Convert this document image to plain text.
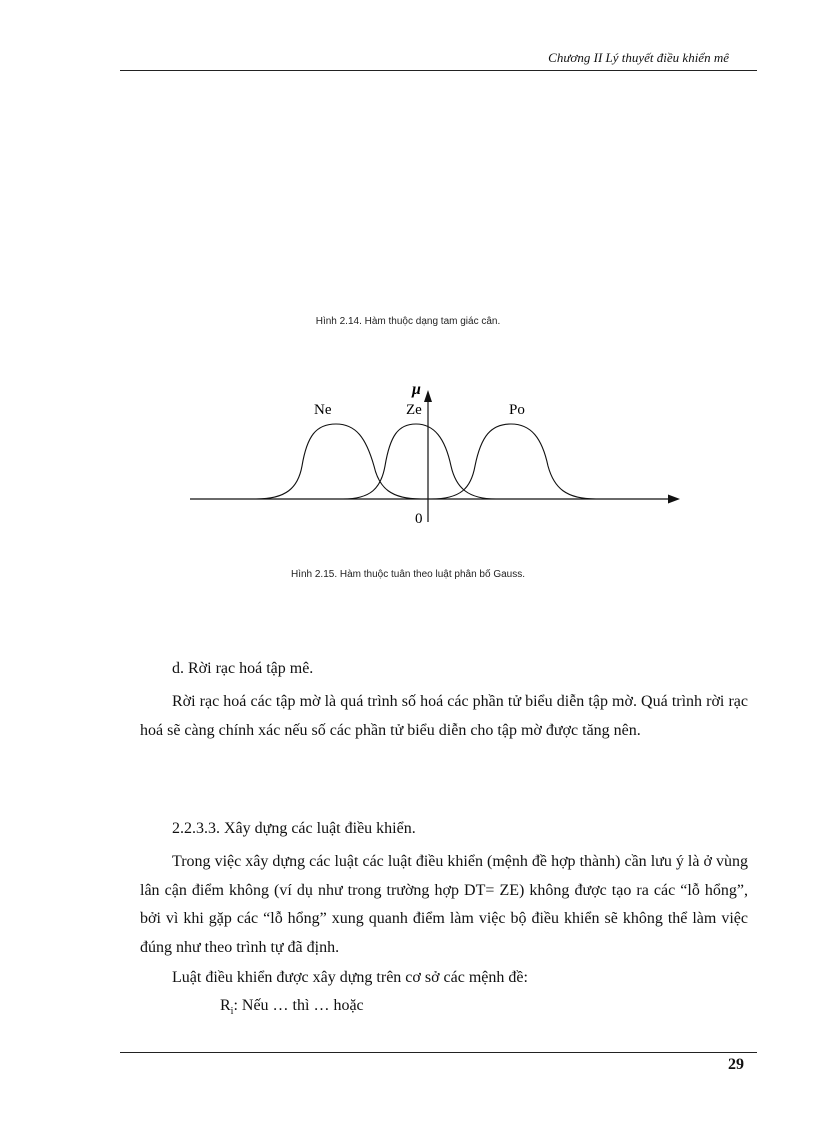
Chương II Lý thuyết điều khiển mê
Hình 2.14. Hàm thuộc dạng tam giác cân.
μ
Ne	Ze	Po
0
Hình 2.15. Hàm thuộc tuân theo luật phân bố Gauss.
d. Rời rạc hoá tập mê.
Rời rạc hoá các tập mờ là quá trình số hoá các phần tử biểu diễn tập mờ. Quá trình rời rạc hoá sẽ càng chính xác nếu số các phần tử biểu diễn cho tập mờ được tăng nên.
2.2.3.3. Xây dựng các luật điều khiển.
Trong việc xây dựng các luật các luật điều khiển (mệnh đề hợp thành) cần lưu ý là ở vùng lân cận điểm không (ví dụ như trong trường hợp DT= ZE) không được tạo ra các “lỗ hổng”, bởi vì khi gặp các “lỗ hổng” xung quanh điểm làm việc bộ điều khiển sẽ không thể làm việc đúng như theo trình tự đã định.
Luật điều khiển được xây dựng trên cơ sở các mệnh đề:
$R_i$: Nếu … thì … hoặc
29
